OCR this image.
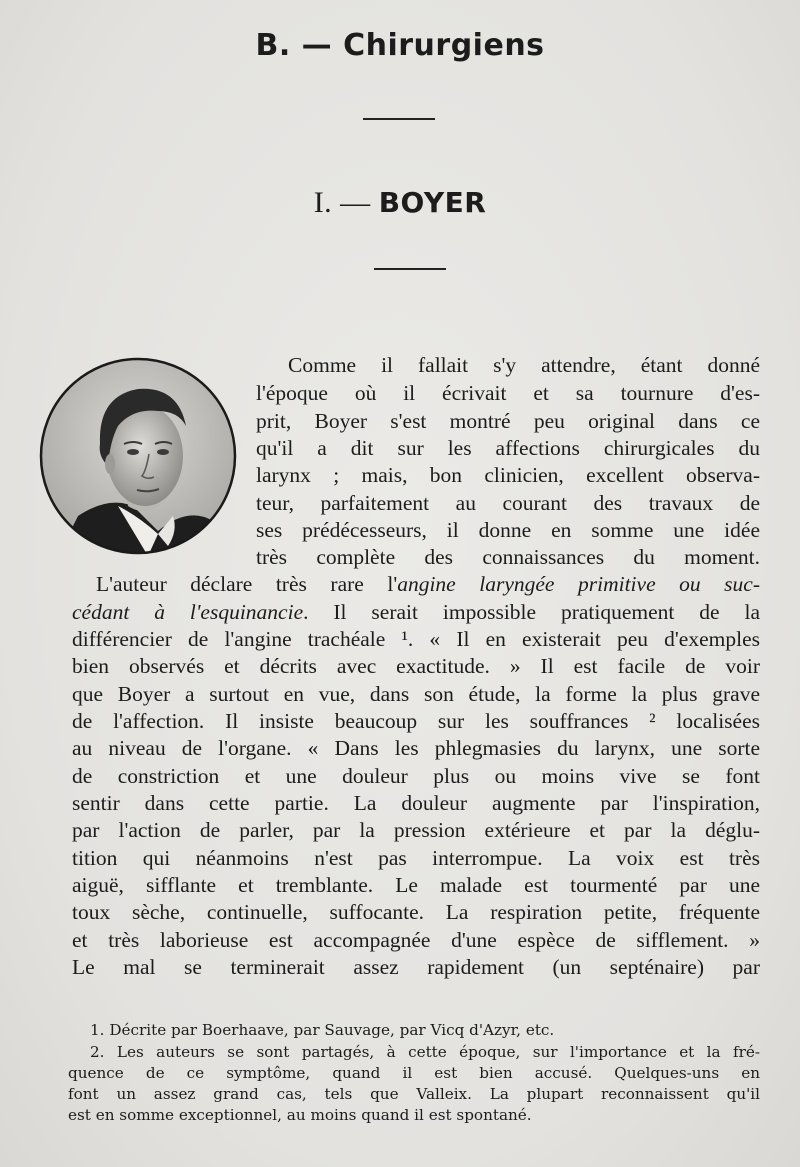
B. — Chirurgiens
I. — BOYER
Comme il fallait s'y attendre, étant donné
l'époque où il écrivait et sa tournure d'es-
prit, Boyer s'est montré peu original dans ce
qu'il a dit sur les affections chirurgicales du
larynx ; mais, bon clinicien, excellent observa-
teur, parfaitement au courant des travaux de
ses prédécesseurs, il donne en somme une idée
très complète des connaissances du moment.
L'auteur déclare très rare l'angine laryngée primitive ou suc-
cédant à l'esquinancie. Il serait impossible pratiquement de la
différencier de l'angine trachéale ¹. « Il en existerait peu d'exemples
bien observés et décrits avec exactitude. » Il est facile de voir
que Boyer a surtout en vue, dans son étude, la forme la plus grave
de l'affection. Il insiste beaucoup sur les souffrances ² localisées
au niveau de l'organe. « Dans les phlegmasies du larynx, une sorte
de constriction et une douleur plus ou moins vive se font
sentir dans cette partie. La douleur augmente par l'inspiration,
par l'action de parler, par la pression extérieure et par la déglu-
tition qui néanmoins n'est pas interrompue. La voix est très
aiguë, sifflante et tremblante. Le malade est tourmenté par une
toux sèche, continuelle, suffocante. La respiration petite, fréquente
et très laborieuse est accompagnée d'une espèce de sifflement. »
Le mal se terminerait assez rapidement (un septénaire) par
1. Décrite par Boerhaave, par Sauvage, par Vicq d'Azyr, etc.
2. Les auteurs se sont partagés, à cette époque, sur l'importance et la fré-
quence de ce symptôme, quand il est bien accusé. Quelques-uns en
font un assez grand cas, tels que Valleix. La plupart reconnaissent qu'il
est en somme exceptionnel, au moins quand il est spontané.
